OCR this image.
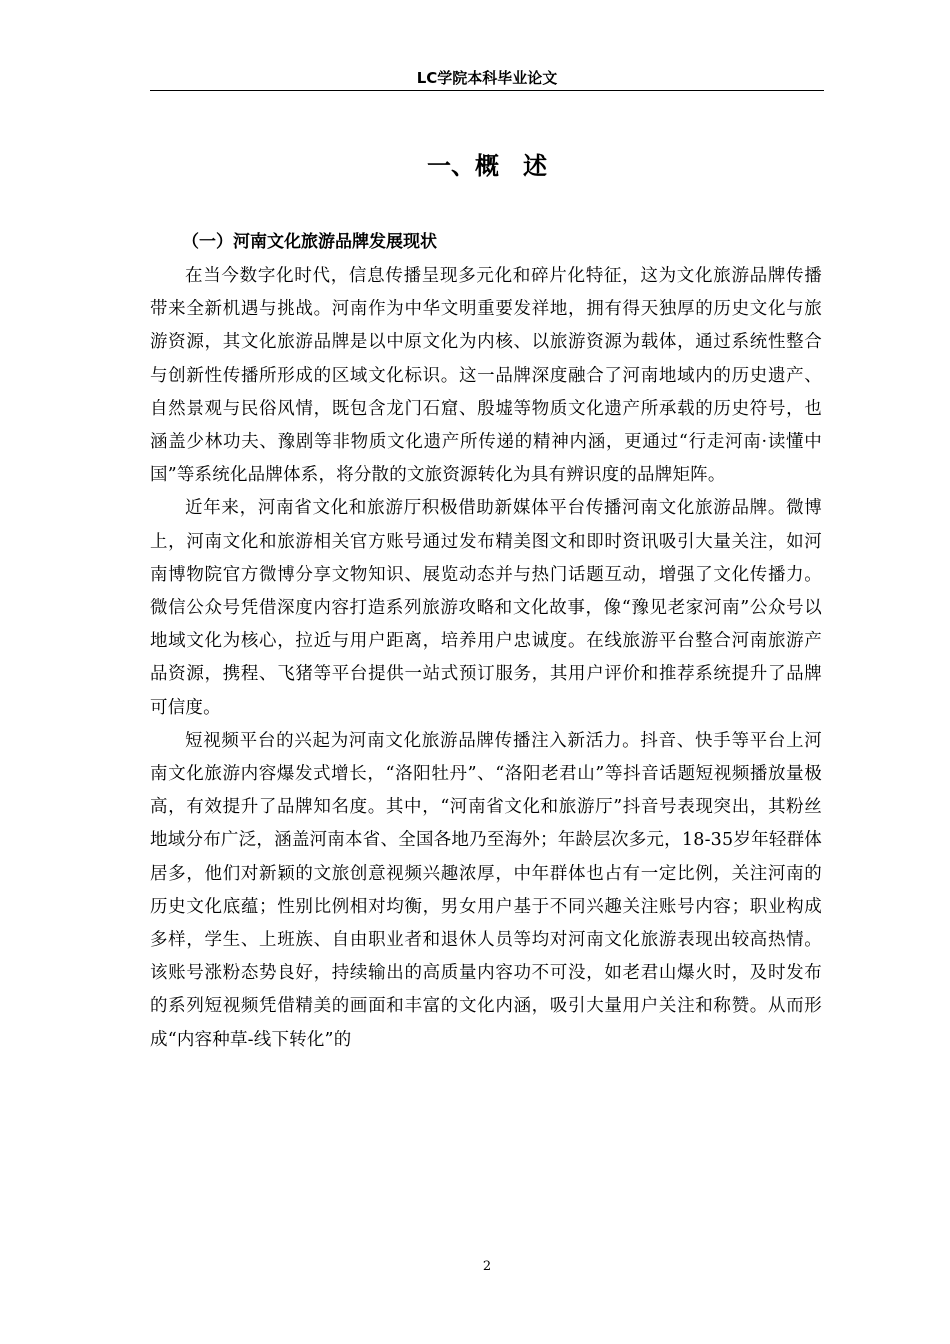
LC学院本科毕业论文
一、概　述
（一）河南文化旅游品牌发展现状

在当今数字化时代，信息传播呈现多元化和碎片化特征，这为文化旅游品牌传播带来全新机遇与挑战。河南作为中华文明重要发祥地，拥有得天独厚的历史文化与旅游资源，其文化旅游品牌是以中原文化为内核、以旅游资源为载体，通过系统性整合与创新性传播所形成的区域文化标识。这一品牌深度融合了河南地域内的历史遗产、自然景观与民俗风情，既包含龙门石窟、殷墟等物质文化遗产所承载的历史符号，也涵盖少林功夫、豫剧等非物质文化遗产所传递的精神内涵，更通过“行走河南·读懂中国”等系统化品牌体系，将分散的文旅资源转化为具有辨识度的品牌矩阵。

近年来，河南省文化和旅游厅积极借助新媒体平台传播河南文化旅游品牌。微博上，河南文化和旅游相关官方账号通过发布精美图文和即时资讯吸引大量关注，如河南博物院官方微博分享文物知识、展览动态并与热门话题互动，增强了文化传播力。微信公众号凭借深度内容打造系列旅游攻略和文化故事，像“豫见老家河南”公众号以地域文化为核心，拉近与用户距离，培养用户忠诚度。在线旅游平台整合河南旅游产品资源，携程、飞猪等平台提供一站式预订服务，其用户评价和推荐系统提升了品牌可信度。

短视频平台的兴起为河南文化旅游品牌传播注入新活力。抖音、快手等平台上河南文化旅游内容爆发式增长，“洛阳牡丹”、“洛阳老君山”等抖音话题短视频播放量极高，有效提升了品牌知名度。其中，“河南省文化和旅游厅”抖音号表现突出，其粉丝地域分布广泛，涵盖河南本省、全国各地乃至海外；年龄层次多元，18-35岁年轻群体居多，他们对新颖的文旅创意视频兴趣浓厚，中年群体也占有一定比例，关注河南的历史文化底蕴；性别比例相对均衡，男女用户基于不同兴趣关注账号内容；职业构成多样，学生、上班族、自由职业者和退休人员等均对河南文化旅游表现出较高热情。该账号涨粉态势良好，持续输出的高质量内容功不可没，如老君山爆火时，及时发布的系列短视频凭借精美的画面和丰富的文化内涵，吸引大量用户关注和称赞。从而形成“内容种草-线下转化”的

2
